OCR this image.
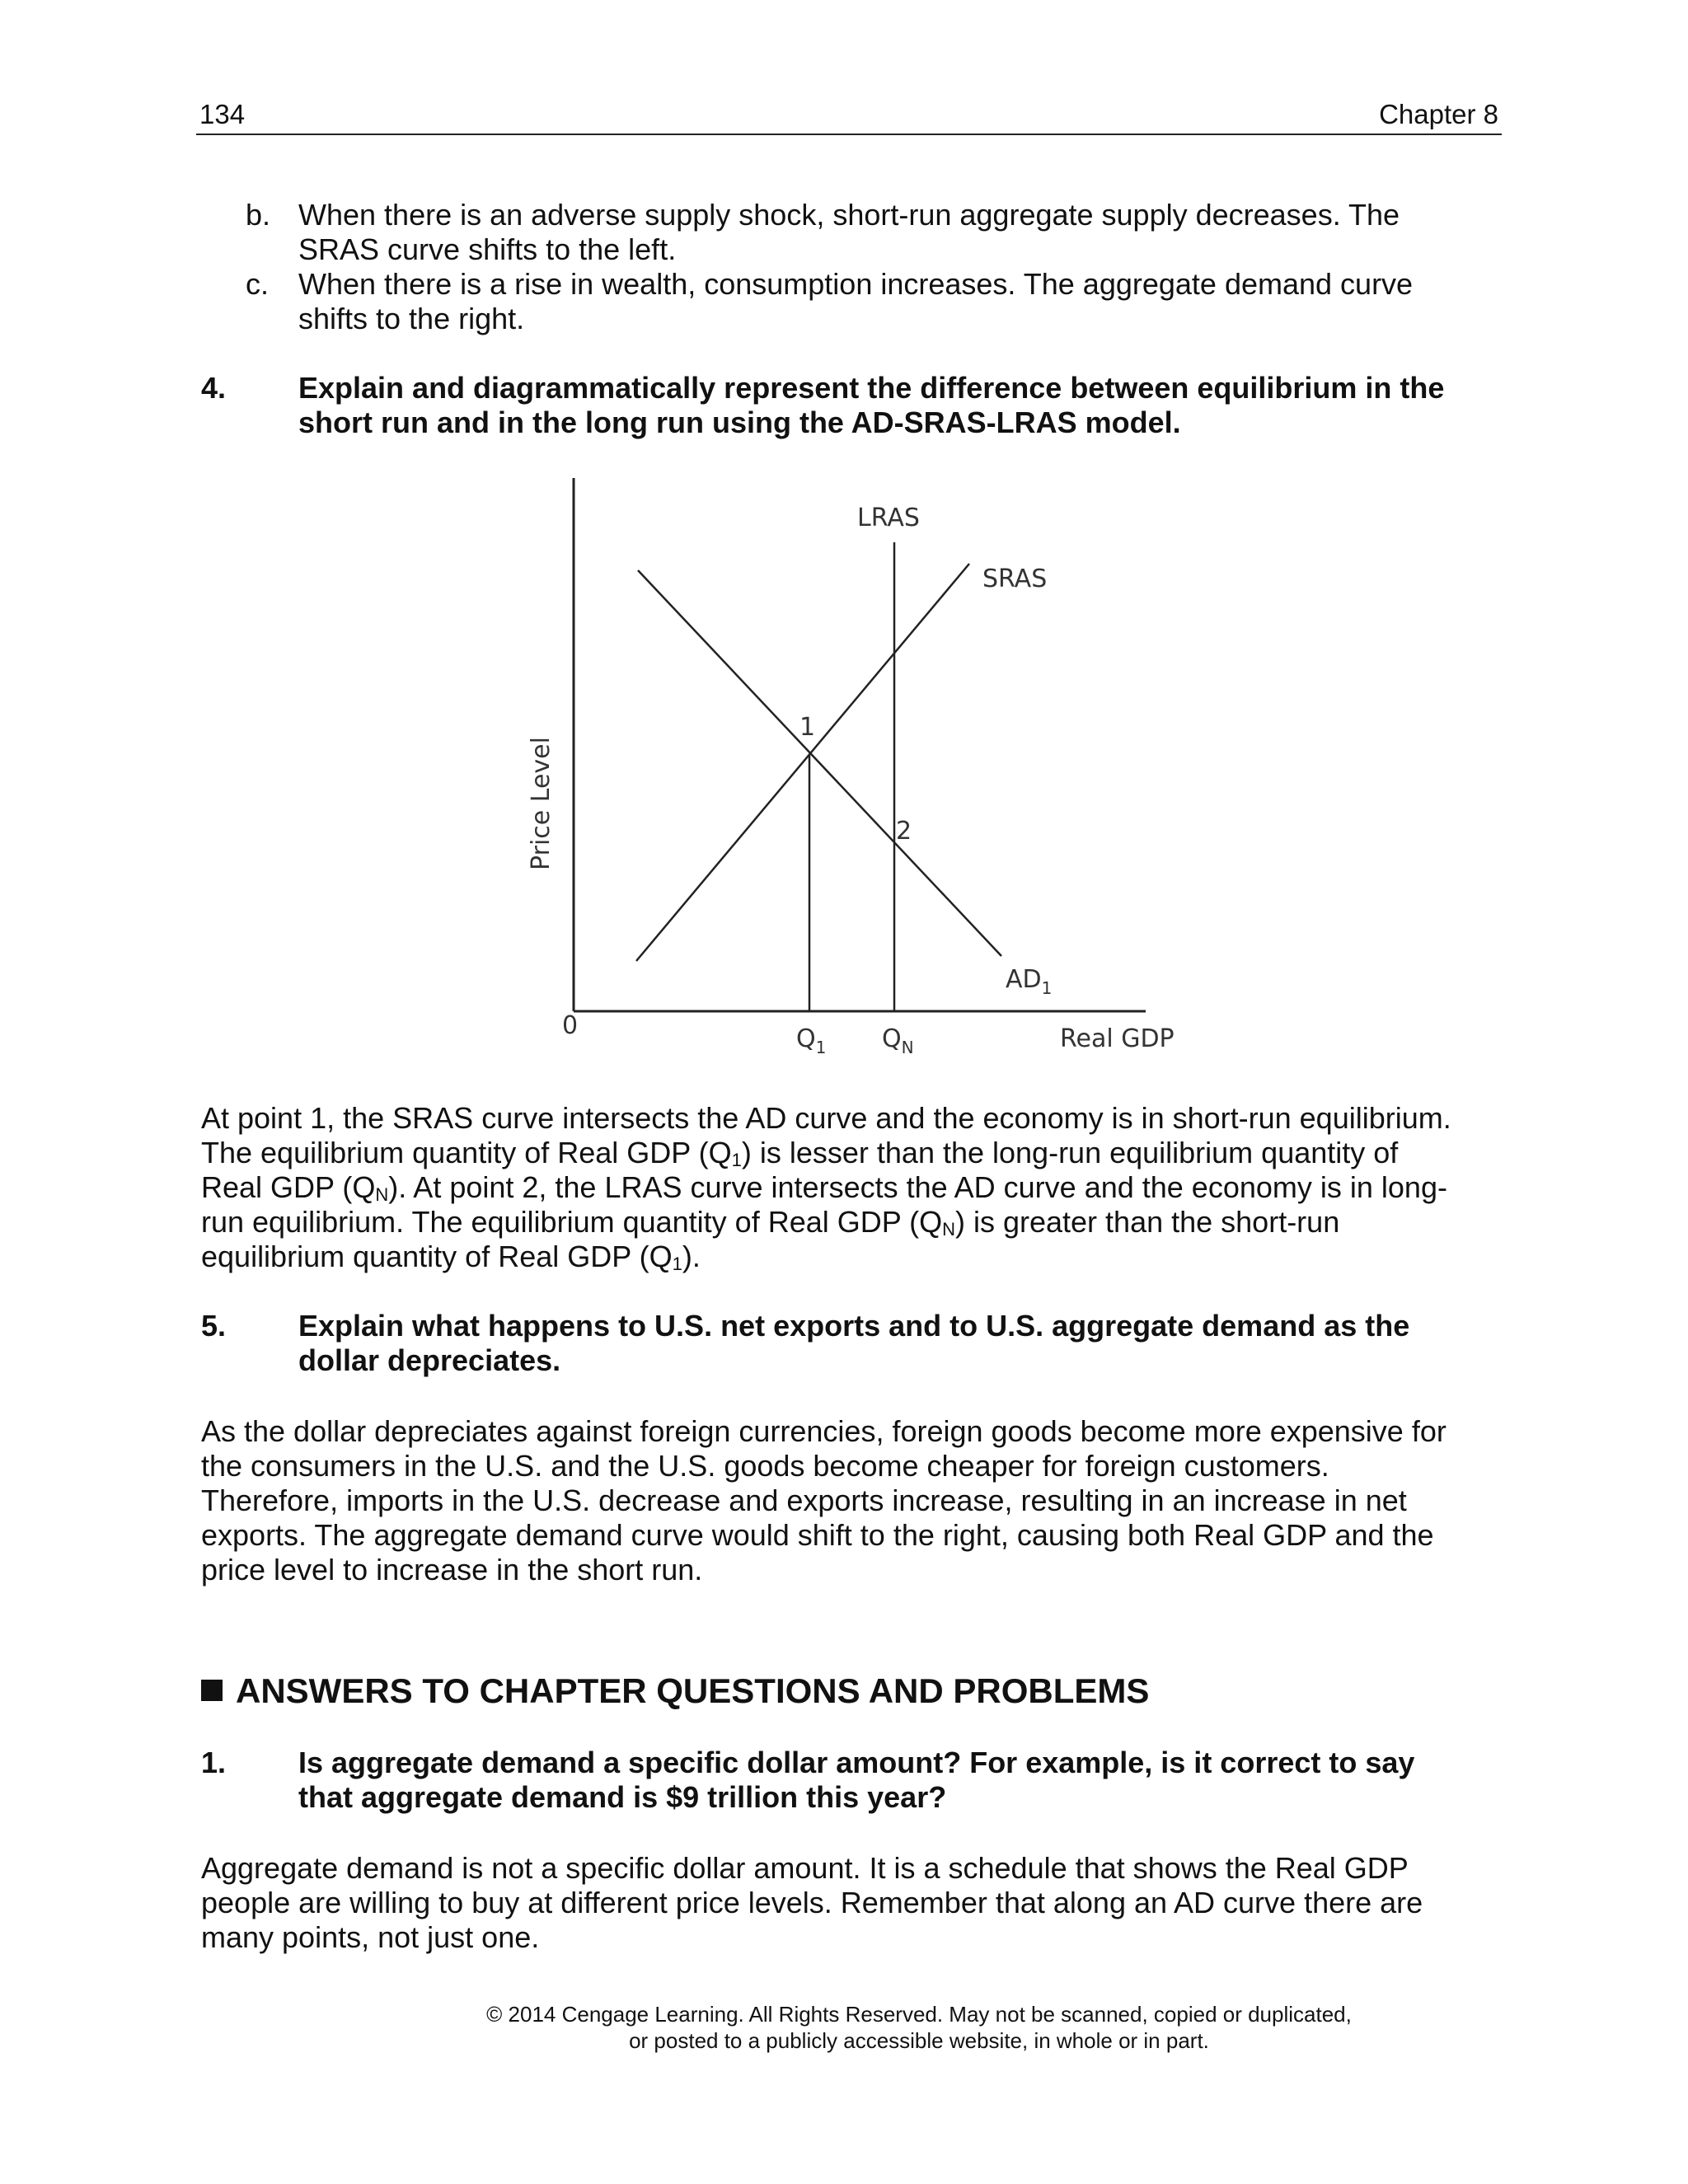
134	Chapter 8
b. When there is an adverse supply shock, short-run aggregate supply decreases. The
SRAS curve shifts to the left.
c. When there is a rise in wealth, consumption increases. The aggregate demand curve
shifts to the right.
4. Explain and diagrammatically represent the difference between equilibrium in the
short run and in the long run using the AD-SRAS-LRAS model.
LRAS
SRAS
1
2
$AD_1$
0	$Q_1$ $Q_N$	Real GDP
Price Level
At point 1, the SRAS curve intersects the AD curve and the economy is in short-run equilibrium.
The equilibrium quantity of Real GDP $(Q_1)$ is lesser than the long-run equilibrium quantity of
Real GDP $(Q_N)$. At point 2, the LRAS curve intersects the AD curve and the economy is in long-
run equilibrium. The equilibrium quantity of Real GDP $(Q_N)$ is greater than the short-run
equilibrium quantity of Real GDP $(Q_1)$.
5. Explain what happens to U.S. net exports and to U.S. aggregate demand as the
dollar depreciates.
As the dollar depreciates against foreign currencies, foreign goods become more expensive for
the consumers in the U.S. and the U.S. goods become cheaper for foreign customers.
Therefore, imports in the U.S. decrease and exports increase, resulting in an increase in net
exports. The aggregate demand curve would shift to the right, causing both Real GDP and the
price level to increase in the short run.
ANSWERS TO CHAPTER QUESTIONS AND PROBLEMS
1. Is aggregate demand a specific dollar amount? For example, is it correct to say
that aggregate demand is $9 trillion this year?
Aggregate demand is not a specific dollar amount. It is a schedule that shows the Real GDP
people are willing to buy at different price levels. Remember that along an AD curve there are
many points, not just one.
© 2014 Cengage Learning. All Rights Reserved. May not be scanned, copied or duplicated,
or posted to a publicly accessible website, in whole or in part.
